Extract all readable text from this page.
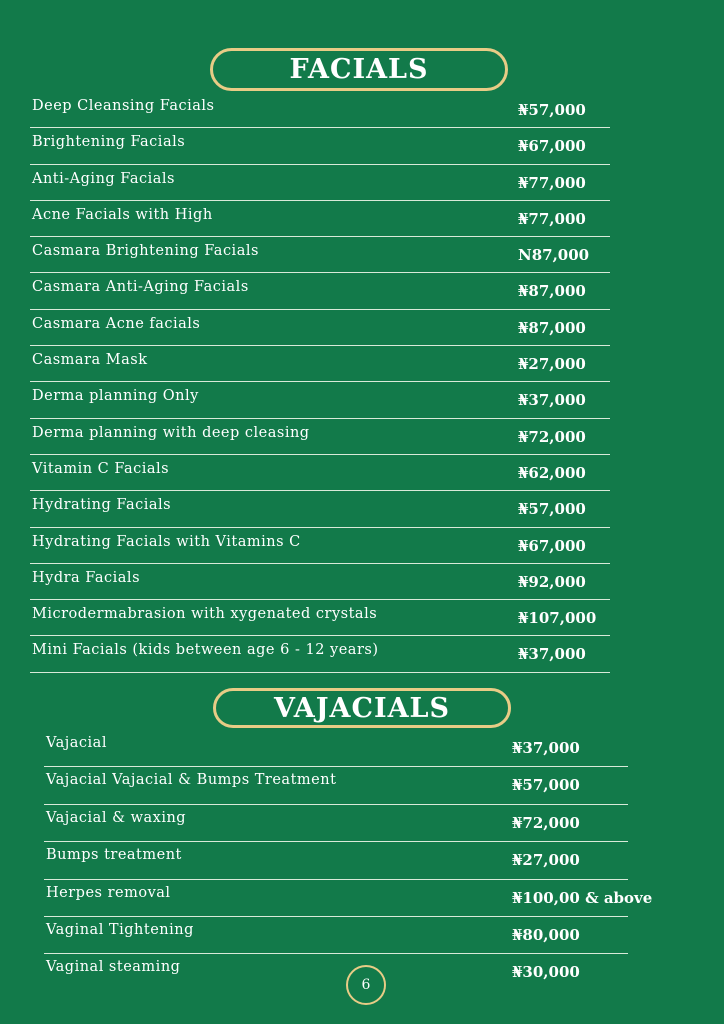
FACIALS
Deep Cleansing Facials	₦57,000
Brightening Facials	₦67,000
Anti-Aging Facials	₦77,000
Acne Facials with High	₦77,000
Casmara Brightening Facials	N87,000
Casmara Anti-Aging Facials	₦87,000
Casmara Acne facials	₦87,000
Casmara Mask	₦27,000
Derma planning Only	₦37,000
Derma planning with deep cleasing	₦72,000
Vitamin C Facials	₦62,000
Hydrating Facials	₦57,000
Hydrating Facials with Vitamins C	₦67,000
Hydra Facials	₦92,000
Microdermabrasion with xygenated crystals	₦107,000
Mini Facials (kids between age 6 - 12 years)	₦37,000
VAJACIALS
Vajacial	₦37,000
Vajacial Vajacial & Bumps Treatment	₦57,000
Vajacial & waxing	₦72,000
Bumps treatment	₦27,000
Herpes removal	₦100,00 & above
Vaginal Tightening	₦80,000
Vaginal steaming	₦30,000
6
